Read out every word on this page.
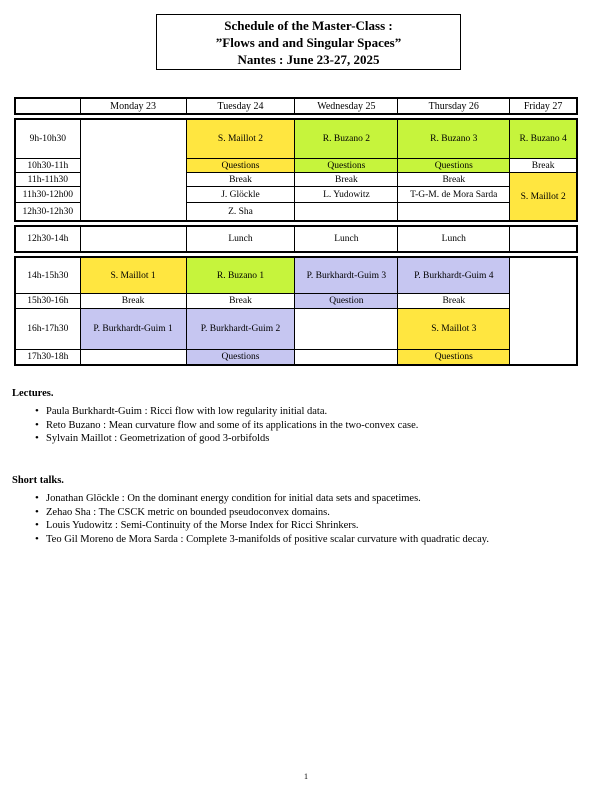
Schedule of the Master-Class :
”Flows and and Singular Spaces”
Nantes : June 23-27, 2025
	Monday 23	Tuesday 24	Wednesday 25	Thursday 26	Friday 27
9h-10h30		S. Maillot 2	R. Buzano 2	R. Buzano 3	R. Buzano 4
10h30-11h		Questions	Questions	Questions	Break
11h-11h30		Break	Break	Break	S. Maillot 2
11h30-12h00		J. Glöckle	L. Yudowitz	T-G-M. de Mora Sarda	
12h30-12h30		Z. Sha			
12h30-14h		Lunch	Lunch	Lunch	
14h-15h30	S. Maillot 1	R. Buzano 1	P. Burkhardt-Guim 3	P. Burkhardt-Guim 4	
15h30-16h	Break	Break	Question	Break	
16h-17h30	P. Burkhardt-Guim 1	P. Burkhardt-Guim 2		S. Maillot 3	
17h30-18h		Questions		Questions	
Lectures.
• Paula Burkhardt-Guim : Ricci flow with low regularity initial data.
• Reto Buzano : Mean curvature flow and some of its applications in the two-convex case.
• Sylvain Maillot : Geometrization of good 3-orbifolds
Short talks.
• Jonathan Glöckle : On the dominant energy condition for initial data sets and spacetimes.
• Zehao Sha : The CSCK metric on bounded pseudoconvex domains.
• Louis Yudowitz : Semi-Continuity of the Morse Index for Ricci Shrinkers.
• Teo Gil Moreno de Mora Sarda : Complete 3-manifolds of positive scalar curvature with quadratic decay.
1
